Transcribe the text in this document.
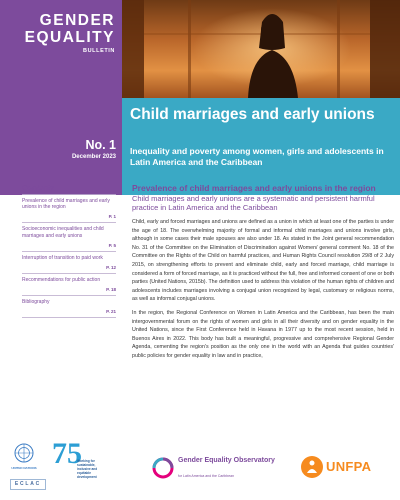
GENDER
EQUALITY
BULLETIN
Child marriages and early unions

Inequality and poverty among women, girls and adolescents in Latin America and the Caribbean

No. 1
December 2023
Contents
Prevalence of child marriages and early unions in the region
P. 1
Socioeconomic inequalities and child marriages and early unions
P. 5
Interruption of transition to paid work
P. 12
Recommendations for public action
P. 18
Bibliography
P. 21
Prevalence of child marriages and early unions in the region

Child marriages and early unions are a systematic and persistent harmful practice in Latin America and the Caribbean

Child, early and forced marriages and unions are defined as a union in which at least one of the parties is under the age of 18. The overwhelming majority of formal and informal child marriages and unions involve girls, although in some cases their male spouses are also under 18. As stated in the Joint general recommendation No. 31 of the Committee on the Elimination of Discrimination against Women/ general comment No. 18 of the Committee on the Rights of the Child on harmful practices, and Human Rights Council resolution 29/8 of 2 July 2015, on strengthening efforts to prevent and eliminate child, early and forced marriage, child marriage is considered a form of forced marriage, as it is practiced without the full, free and informed consent of one or both parties (United Nations, 2015b). The definition used to address this violation of the human rights of children and adolescents includes marriages involving a conjugal union recognized by legal, customary or religious norms, as well as informal conjugal unions.

In the region, the Regional Conference on Women in Latin America and the Caribbean, has been the main intergovernmental forum on the rights of women and girls in all their diversity and on gender equality in the United Nations, since the First Conference held in Havana in 1977 up to the most recent session, held in Buenos Aires in 2022. This body has built a meaningful, progressive and comprehensive Regional Gender Agenda, cementing the region's position as the only one in the world with an Agenda that guides countries' public policies for gender equality in law and in practice,

UNITED NATIONS
ECLAC
75
Working for sustainable, inclusive and equitable development
Gender Equality Observatory
for Latin America and the Caribbean
UNFPA
